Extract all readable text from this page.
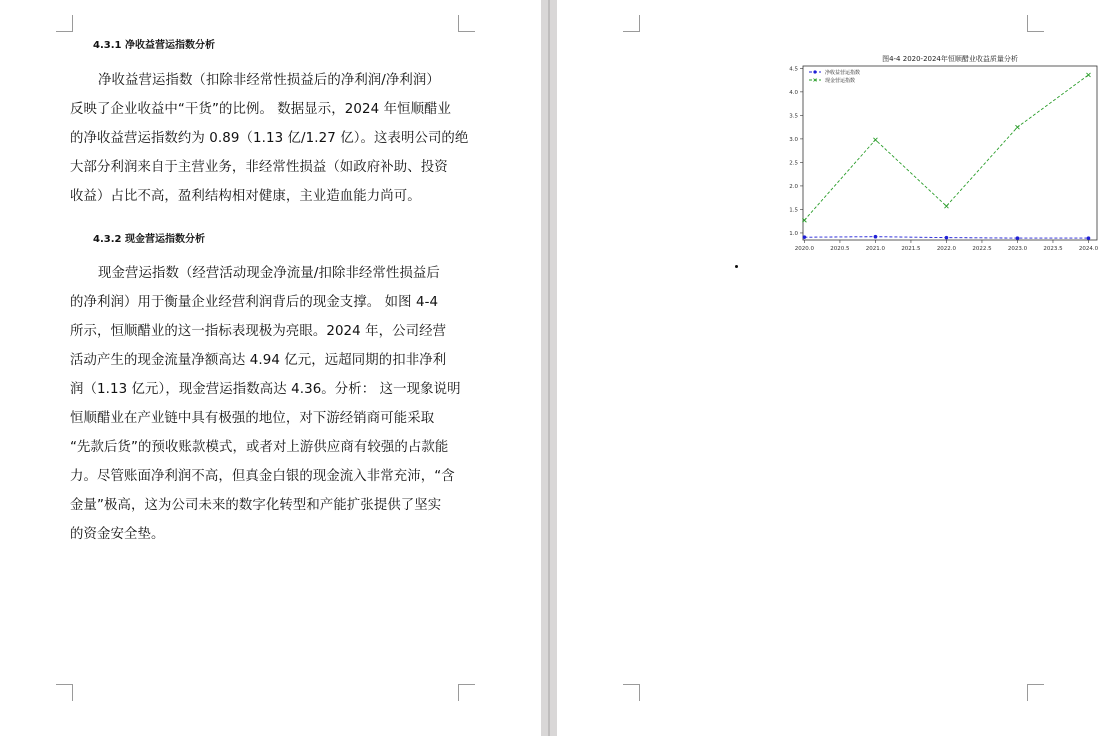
4.3.1 净收益营运指数分析
净收益营运指数（扣除非经常性损益后的净利润/净利润）
反映了企业收益中“干货”的比例。 数据显示，2024 年恒顺醋业
的净收益营运指数约为 0.89（1.13 亿/1.27 亿）。这表明公司的绝
大部分利润来自于主营业务，非经常性损益（如政府补助、投资
收益）占比不高，盈利结构相对健康，主业造血能力尚可。
4.3.2 现金营运指数分析
现金营运指数（经营活动现金净流量/扣除非经常性损益后
的净利润）用于衡量企业经营利润背后的现金支撑。 如图 4-4
所示，恒顺醋业的这一指标表现极为亮眼。2024 年，公司经营
活动产生的现金流量净额高达 4.94 亿元，远超同期的扣非净利
润（1.13 亿元），现金营运指数高达 4.36。分析： 这一现象说明
恒顺醋业在产业链中具有极强的地位，对下游经销商可能采取
“先款后货”的预收账款模式，或者对上游供应商有较强的占款能
力。尽管账面净利润不高，但真金白银的现金流入非常充沛，“含
金量”极高，这为公司未来的数字化转型和产能扩张提供了坚实
的资金安全垫。
图4-4 2020-2024年恒顺醋业收益质量分析
1.0
1.5
2.0
2.5
3.0
3.5
4.0
4.5
2020.0	2020.5	2021.0	2021.5	2022.0	2022.5	2023.0	2023.5	2024.0
净收益营运指数
现金营运指数
